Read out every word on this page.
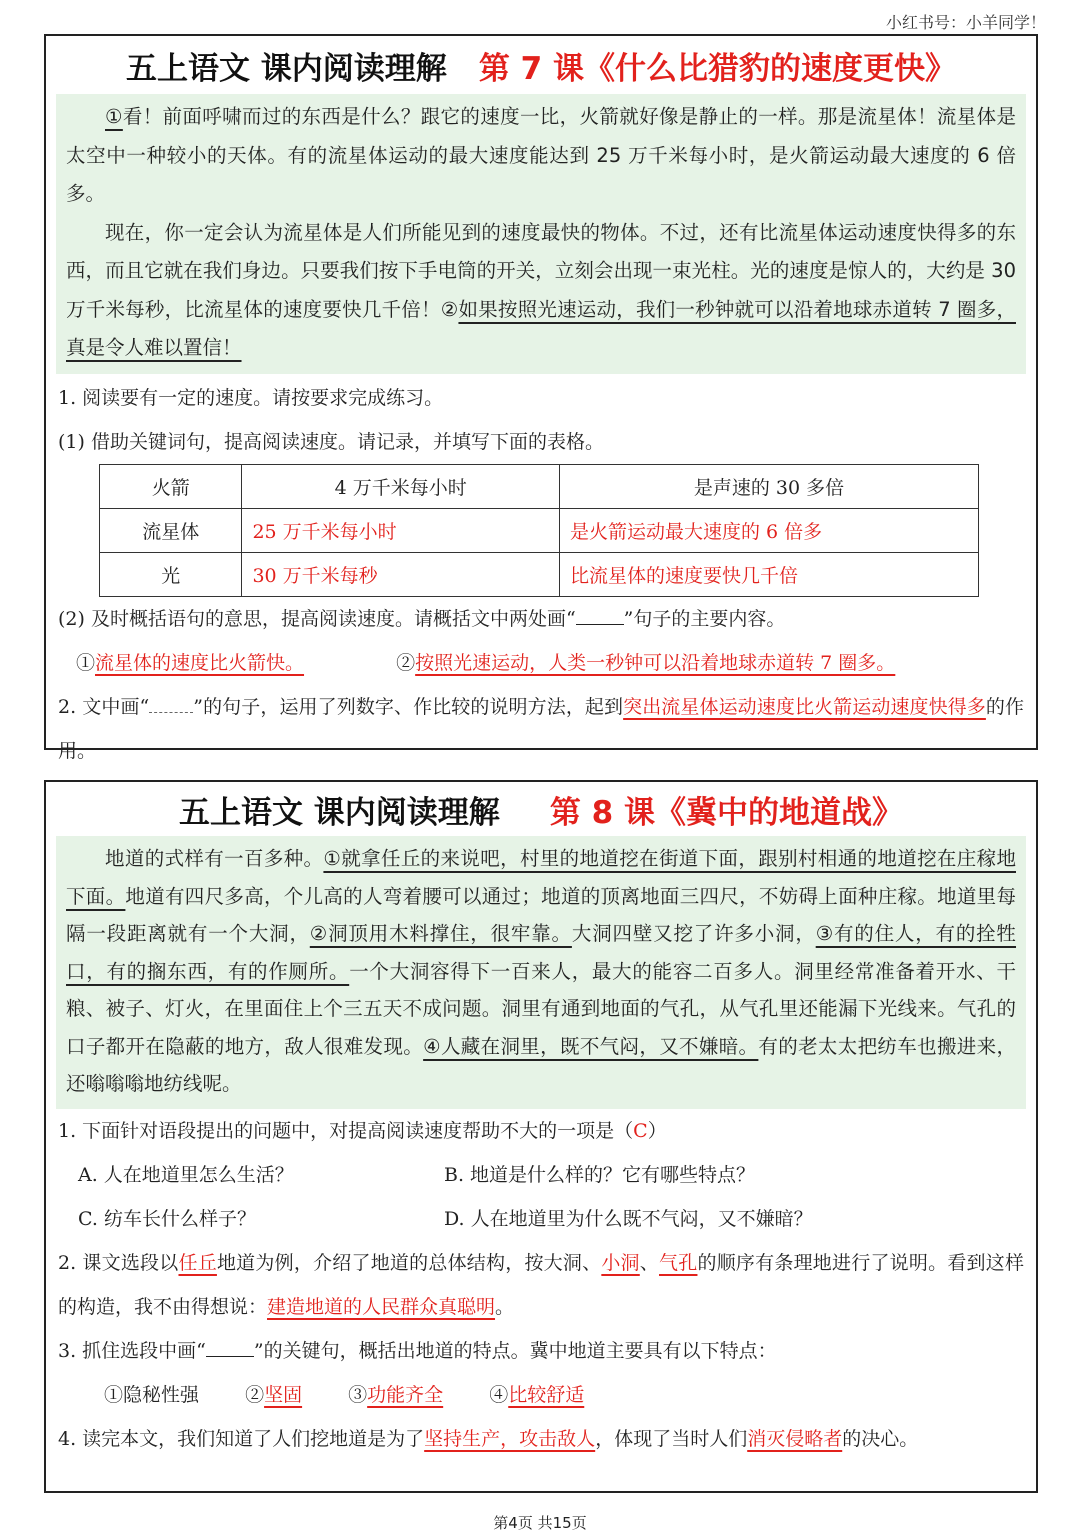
小红书号：小羊同学！
五上语文 课内阅读理解 第 7 课《什么比猎豹的速度更快》

①看！前面呼啸而过的东西是什么？跟它的速度一比，火箭就好像是静止的一样。那是流星体！流星体是太空中一种较小的天体。有的流星体运动的最大速度能达到 25 万千米每小时，是火箭运动最大速度的 6 倍多。

现在，你一定会认为流星体是人们所能见到的速度最快的物体。不过，还有比流星体运动速度快得多的东西，而且它就在我们身边。只要我们按下手电筒的开关，立刻会出现一束光柱。光的速度是惊人的，大约是 30 万千米每秒，比流星体的速度要快几千倍！②如果按照光速运动，我们一秒钟就可以沿着地球赤道转 7 圈多，真是令人难以置信！

1. 阅读要有一定的速度。请按要求完成练习。
(1) 借助关键词句，提高阅读速度。请记录，并填写下面的表格。
火箭	4 万千米每小时	是声速的 30 多倍
流星体	25 万千米每小时	是火箭运动最大速度的 6 倍多
光	30 万千米每秒	比流星体的速度要快几千倍
(2) 及时概括语句的意思，提高阅读速度。请概括文中两处画“	”句子的主要内容。
①流星体的速度比火箭快。	②按照光速运动，人类一秒钟可以沿着地球赤道转 7 圈多。
2. 文中画“ ”的句子，运用了列数字、作比较的说明方法，起到突出流星体运动速度比火箭运动速度快得多的作用。
五上语文 课内阅读理解 第 8 课《冀中的地道战》

地道的式样有一百多种。①就拿任丘的来说吧，村里的地道挖在街道下面，跟别村相通的地道挖在庄稼地下面。地道有四尺多高，个儿高的人弯着腰可以通过；地道的顶离地面三四尺，不妨碍上面种庄稼。地道里每隔一段距离就有一个大洞，②洞顶用木料撑住，很牢靠。大洞四壁又挖了许多小洞，③有的住人，有的拴牲口，有的搁东西，有的作厕所。一个大洞容得下一百来人，最大的能容二百多人。洞里经常准备着开水、干粮、被子、灯火，在里面住上个三五天不成问题。洞里有通到地面的气孔，从气孔里还能漏下光线来。气孔的口子都开在隐蔽的地方，敌人很难发现。④人藏在洞里，既不气闷，又不嫌暗。有的老太太把纺车也搬进来，还嗡嗡嗡地纺线呢。

1. 下面针对语段提出的问题中，对提高阅读速度帮助不大的一项是（C）
A. 人在地道里怎么生活？	B. 地道是什么样的？它有哪些特点？
C. 纺车长什么样子？	D. 人在地道里为什么既不气闷，又不嫌暗？
2. 课文选段以任丘地道为例，介绍了地道的总体结构，按大洞、小洞、气孔的顺序有条理地进行了说明。看到这样的构造，我不由得想说：建造地道的人民群众真聪明。
3. 抓住选段中画“	”的关键句，概括出地道的特点。冀中地道主要具有以下特点：
①隐秘性强 ②坚固 ③功能齐全 ④比较舒适
4. 读完本文，我们知道了人们挖地道是为了坚持生产，攻击敌人，体现了当时人们消灭侵略者的决心。
第4页 共15页
